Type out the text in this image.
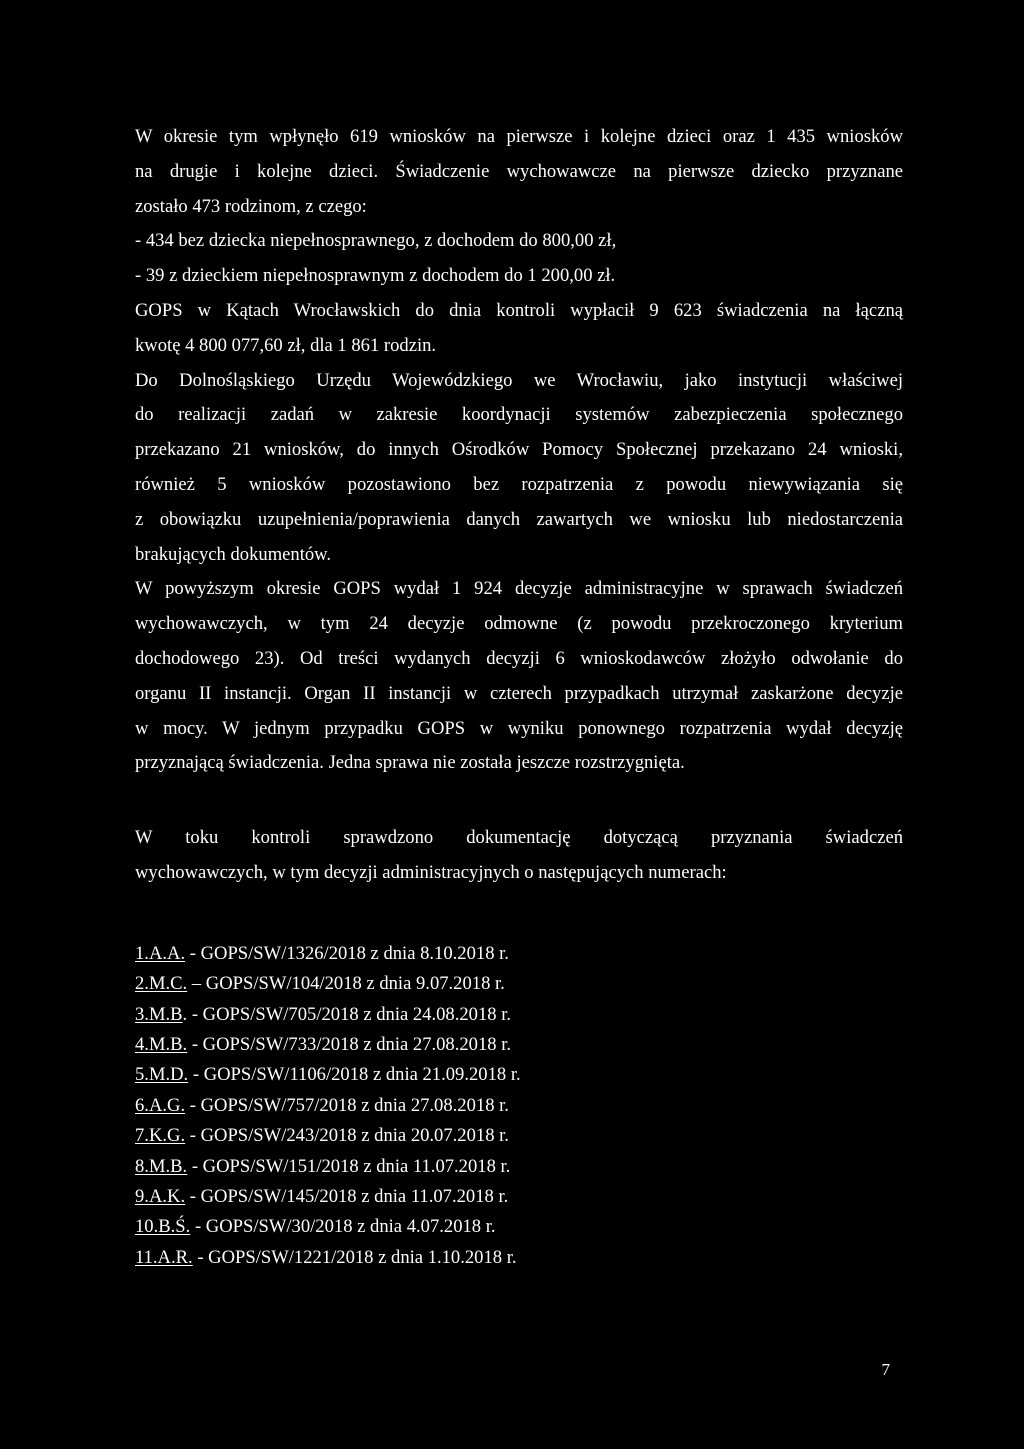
W okresie tym wpłynęło 619 wniosków na pierwsze i kolejne dzieci oraz 1 435 wniosków
na drugie i kolejne dzieci. Świadczenie wychowawcze na pierwsze dziecko przyznane
zostało 473 rodzinom, z czego:
- 434 bez dziecka niepełnosprawnego, z dochodem do 800,00 zł,
- 39 z dzieckiem niepełnosprawnym z dochodem do 1 200,00 zł.
GOPS w Kątach Wrocławskich do dnia kontroli wypłacił 9 623 świadczenia na łączną
kwotę 4 800 077,60 zł, dla 1 861 rodzin.
Do Dolnośląskiego Urzędu Wojewódzkiego we Wrocławiu, jako instytucji właściwej
do realizacji zadań w zakresie koordynacji systemów zabezpieczenia społecznego
przekazano 21 wniosków, do innych Ośrodków Pomocy Społecznej przekazano 24 wnioski,
również 5 wniosków pozostawiono bez rozpatrzenia z powodu niewywiązania się
z obowiązku uzupełnienia/poprawienia danych zawartych we wniosku lub niedostarczenia
brakujących dokumentów.
W powyższym okresie GOPS wydał 1 924 decyzje administracyjne w sprawach świadczeń
wychowawczych, w tym 24 decyzje odmowne (z powodu przekroczonego kryterium
dochodowego 23). Od treści wydanych decyzji 6 wnioskodawców złożyło odwołanie do
organu II instancji. Organ II instancji w czterech przypadkach utrzymał zaskarżone decyzje
w mocy. W jednym przypadku GOPS w wyniku ponownego rozpatrzenia wydał decyzję
przyznającą świadczenia. Jedna sprawa nie została jeszcze rozstrzygnięta.
W toku kontroli sprawdzono dokumentację dotyczącą przyznania świadczeń
wychowawczych, w tym decyzji administracyjnych o następujących numerach:
1.A.A. - GOPS/SW/1326/2018 z dnia 8.10.2018 r.
2.M.C. – GOPS/SW/104/2018 z dnia 9.07.2018 r.
3.M.B. - GOPS/SW/705/2018 z dnia 24.08.2018 r.
4.M.B. - GOPS/SW/733/2018 z dnia 27.08.2018 r.
5.M.D. - GOPS/SW/1106/2018 z dnia 21.09.2018 r.
6.A.G. - GOPS/SW/757/2018 z dnia 27.08.2018 r.
7.K.G. - GOPS/SW/243/2018 z dnia 20.07.2018 r.
8.M.B. - GOPS/SW/151/2018 z dnia 11.07.2018 r.
9.A.K. - GOPS/SW/145/2018 z dnia 11.07.2018 r.
10.B.Ś. - GOPS/SW/30/2018 z dnia 4.07.2018 r.
11.A.R. - GOPS/SW/1221/2018 z dnia 1.10.2018 r.
7
